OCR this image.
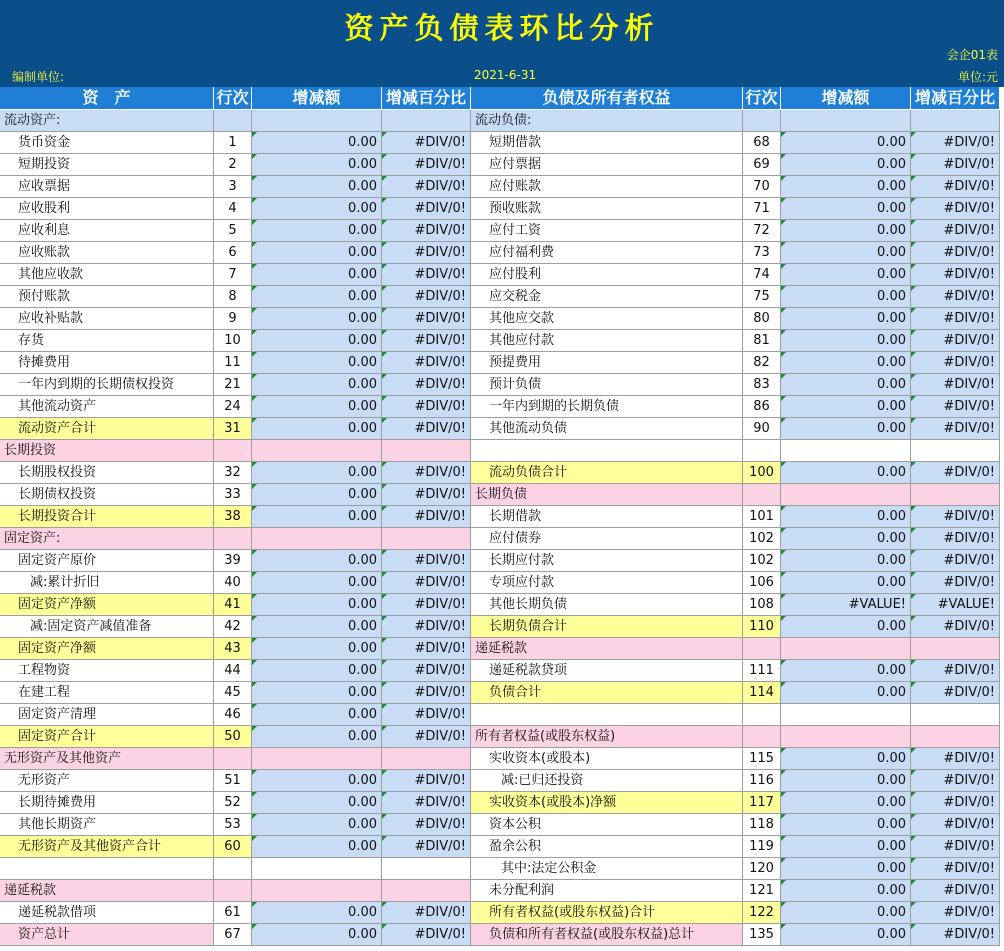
资产负债表环比分析
会企01表
编制单位:	2021-6-31	单位:元
资　产	行次	增减额	增减百分比	负债及所有者权益	行次	增减额	增减百分比
流动资产:
货币资金	1	0.00	#DIV/0!
短期投资	2	0.00	#DIV/0!
应收票据	3	0.00	#DIV/0!
应收股利	4	0.00	#DIV/0!
应收利息	5	0.00	#DIV/0!
应收账款	6	0.00	#DIV/0!
其他应收款	7	0.00	#DIV/0!
预付账款	8	0.00	#DIV/0!
应收补贴款	9	0.00	#DIV/0!
存货	10	0.00	#DIV/0!
待摊费用	11	0.00	#DIV/0!
一年内到期的长期债权投资	21	0.00	#DIV/0!
其他流动资产	24	0.00	#DIV/0!
流动资产合计	31	0.00	#DIV/0!
长期投资
长期股权投资	32	0.00	#DIV/0!
长期债权投资	33	0.00	#DIV/0!
长期投资合计	38	0.00	#DIV/0!
固定资产:
固定资产原价	39	0.00	#DIV/0!
减:累计折旧	40	0.00	#DIV/0!
固定资产净额	41	0.00	#DIV/0!
减:固定资产减值准备	42	0.00	#DIV/0!
固定资产净额	43	0.00	#DIV/0!
工程物资	44	0.00	#DIV/0!
在建工程	45	0.00	#DIV/0!
固定资产清理	46	0.00	#DIV/0!
固定资产合计	50	0.00	#DIV/0!
无形资产及其他资产
无形资产	51	0.00	#DIV/0!
长期待摊费用	52	0.00	#DIV/0!
其他长期资产	53	0.00	#DIV/0!
无形资产及其他资产合计	60	0.00	#DIV/0!
递延税款
递延税款借项	61	0.00	#DIV/0!
资产总计	67	0.00	#DIV/0!
流动负债:
短期借款	68	0.00	#DIV/0!
应付票据	69	0.00	#DIV/0!
应付账款	70	0.00	#DIV/0!
预收账款	71	0.00	#DIV/0!
应付工资	72	0.00	#DIV/0!
应付福利费	73	0.00	#DIV/0!
应付股利	74	0.00	#DIV/0!
应交税金	75	0.00	#DIV/0!
其他应交款	80	0.00	#DIV/0!
其他应付款	81	0.00	#DIV/0!
预提费用	82	0.00	#DIV/0!
预计负债	83	0.00	#DIV/0!
一年内到期的长期负债	86	0.00	#DIV/0!
其他流动负债	90	0.00	#DIV/0!
流动负债合计	100	0.00	#DIV/0!
长期负债
长期借款	101	0.00	#DIV/0!
应付债券	102	0.00	#DIV/0!
长期应付款	102	0.00	#DIV/0!
专项应付款	106	0.00	#DIV/0!
其他长期负债	108	#VALUE!	#VALUE!
长期负债合计	110	0.00	#DIV/0!
递延税款
递延税款贷项	111	0.00	#DIV/0!
负债合计	114	0.00	#DIV/0!
所有者权益(或股东权益)
实收资本(或股本)	115	0.00	#DIV/0!
减:已归还投资	116	0.00	#DIV/0!
实收资本(或股本)净额	117	0.00	#DIV/0!
资本公积	118	0.00	#DIV/0!
盈余公积	119	0.00	#DIV/0!
其中:法定公积金	120	0.00	#DIV/0!
未分配利润	121	0.00	#DIV/0!
所有者权益(或股东权益)合计	122	0.00	#DIV/0!
负债和所有者权益(或股东权益)总计	135	0.00	#DIV/0!
